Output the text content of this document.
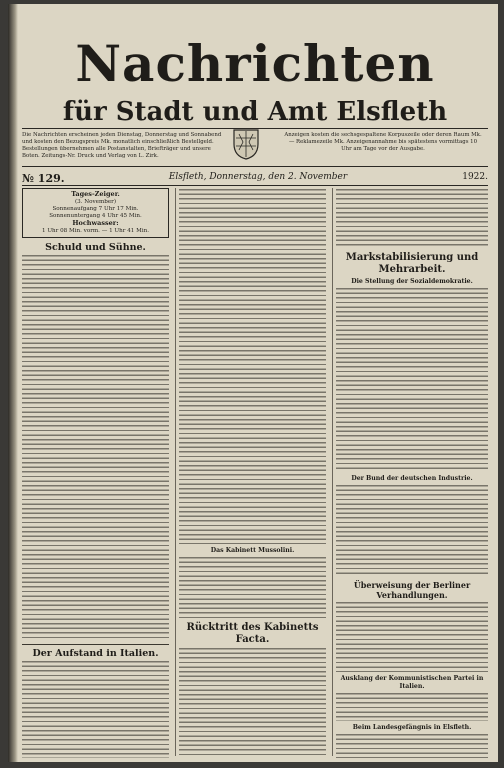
Nachrichten
für Stadt und Amt Elsfleth
Die Nachrichten erscheinen jeden Dienstag, Donnerstag und Sonnabend und kosten den Bezugspreis Mk. monatlich einschließlich Bestellgeld. Bestellungen übernehmen alle Postanstalten, Briefträger und unsere Boten. Zeitungs-Nr. Druck und Verlag von L. Zirk.
Anzeigen kosten die sechsgespaltene Korpuszeile oder deren Raum Mk. — Reklamezeile Mk. Anzeigenannahme bis spätestens vormittags 10 Uhr am Tage vor der Ausgabe.
№ 129.	Elsfleth, Donnerstag, den 2. November	1922.
Tages-Zeiger.
(3. November)
Sonnenaufgang 7 Uhr 17 Min.
Sonnenuntergang 4 Uhr 45 Min.
Hochwasser:
1 Uhr 08 Min. vorm. — 1 Uhr 41 Min.
Schuld und Sühne.
Der Aufstand in Italien.
Das Kabinett Mussolini.
Rücktritt des Kabinetts Facta.
Markstabilisierung und Mehrarbeit.
Die Stellung der Sozialdemokratie.
Der Bund der deutschen Industrie.
Überweisung der Berliner Verhandlungen.
Ausklang der Kommunistischen Partei in Italien.
Beim Landesgefängnis in Elsfleth.
